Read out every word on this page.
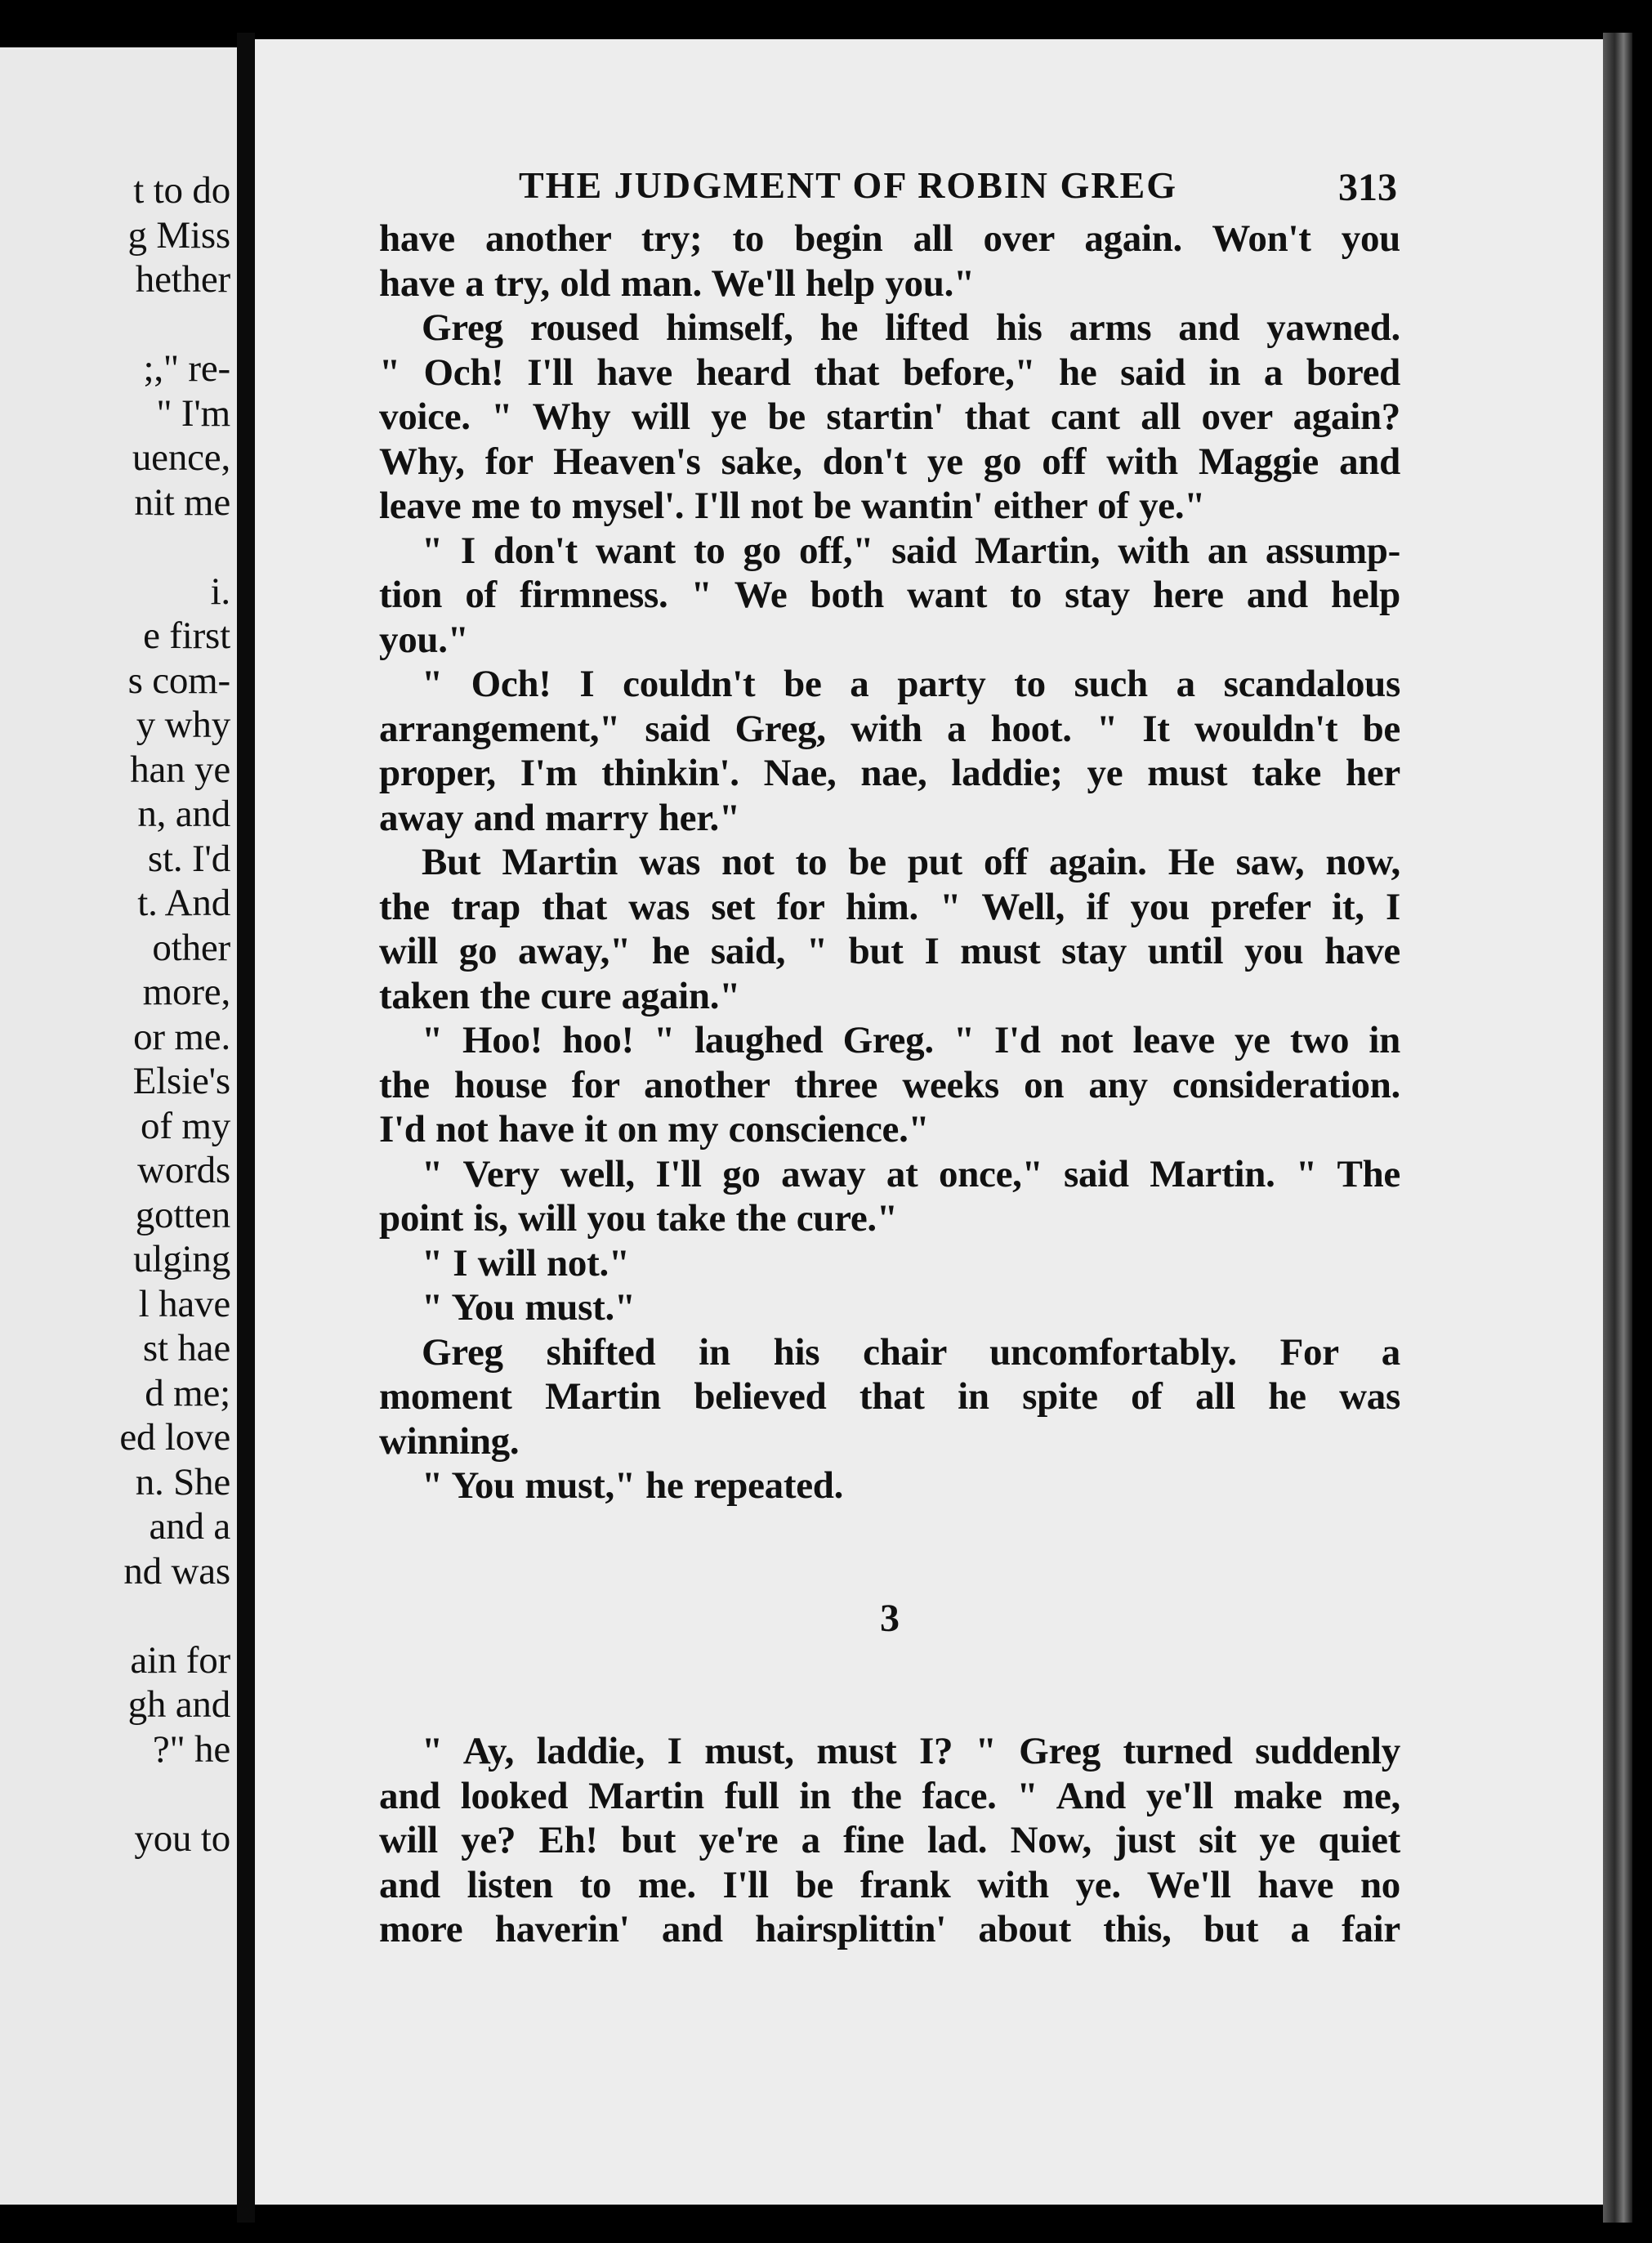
t to do
g Miss
hether
;," re-
" I'm
uence,
nit me
i.
e first
s com-
y why
han ye
n, and
st. I'd
t. And
other
more,
or me.
Elsie's
of my
words
gotten
ulging
l have
st hae
d me;
ed love
n. She
and a
nd was
ain for
gh and
?" he
you to
THE JUDGMENT OF ROBIN GREG	313
have another try; to begin all over again. Won't you
have a try, old man. We'll help you."
Greg roused himself, he lifted his arms and yawned.
" Och! I'll have heard that before," he said in a bored
voice. " Why will ye be startin' that cant all over again?
Why, for Heaven's sake, don't ye go off with Maggie and
leave me to mysel'. I'll not be wantin' either of ye."
" I don't want to go off," said Martin, with an assump-
tion of firmness. " We both want to stay here and help
you."
" Och! I couldn't be a party to such a scandalous
arrangement," said Greg, with a hoot. " It wouldn't be
proper, I'm thinkin'. Nae, nae, laddie; ye must take her
away and marry her."
But Martin was not to be put off again. He saw, now,
the trap that was set for him. " Well, if you prefer it, I
will go away," he said, " but I must stay until you have
taken the cure again."
" Hoo! hoo! " laughed Greg. " I'd not leave ye two in
the house for another three weeks on any consideration.
I'd not have it on my conscience."
" Very well, I'll go away at once," said Martin. " The
point is, will you take the cure."
" I will not."
" You must."
Greg shifted in his chair uncomfortably. For a
moment Martin believed that in spite of all he was
winning.
" You must," he repeated.
3
" Ay, laddie, I must, must I? " Greg turned suddenly
and looked Martin full in the face. " And ye'll make me,
will ye? Eh! but ye're a fine lad. Now, just sit ye quiet
and listen to me. I'll be frank with ye. We'll have no
more haverin' and hairsplittin' about this, but a fair
